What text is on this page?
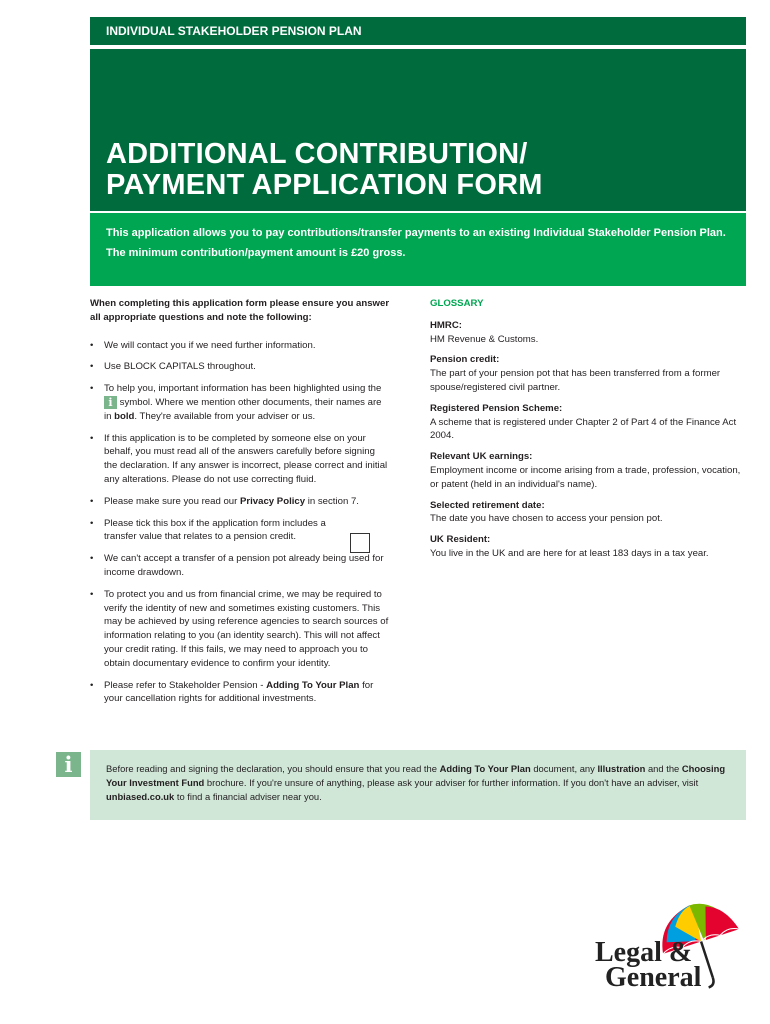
INDIVIDUAL STAKEHOLDER PENSION PLAN
ADDITIONAL CONTRIBUTION/
PAYMENT APPLICATION FORM

This application allows you to pay contributions/transfer payments to an existing Individual Stakeholder Pension Plan.

The minimum contribution/payment amount is £20 gross.

When completing this application form please ensure you answer all appropriate questions and note the following:

• We will contact you if we need further information.
• Use BLOCK CAPITALS throughout.
• To help you, important information has been highlighted using the i symbol. Where we mention other documents, their names are in bold. They're available from your adviser or us.
• If this application is to be completed by someone else on your behalf, you must read all of the answers carefully before signing the declaration. If any answer is incorrect, please correct and initial any alterations. Please do not use correcting fluid.
• Please make sure you read our Privacy Policy in section 7.
• Please tick this box if the application form includes a transfer value that relates to a pension credit.
• We can't accept a transfer of a pension pot already being used for income drawdown.
• To protect you and us from financial crime, we may be required to verify the identity of new and sometimes existing customers. This may be achieved by using reference agencies to search sources of information relating to you (an identity search). This will not affect your credit rating. If this fails, we may need to approach you to obtain documentary evidence to confirm your identity.
• Please refer to Stakeholder Pension - Adding To Your Plan for your cancellation rights for additional investments.

GLOSSARY

HMRC:

HM Revenue & Customs.

Pension credit:

The part of your pension pot that has been transferred from a former spouse/registered civil partner.

Registered Pension Scheme:

A scheme that is registered under Chapter 2 of Part 4 of the Finance Act 2004.

Relevant UK earnings:

Employment income or income arising from a trade, profession, vocation, or patent (held in an individual's name).

Selected retirement date:

The date you have chosen to access your pension pot.

UK Resident:

You live in the UK and are here for at least 183 days in a tax year.

i	Before reading and signing the declaration, you should ensure that you read the Adding To Your Plan document, any Illustration and the Choosing Your Investment Fund brochure. If you're unsure of anything, please ask your adviser for further information. If you don't have an adviser, visit unbiased.co.uk to find a financial adviser near you.
Legal &
General
